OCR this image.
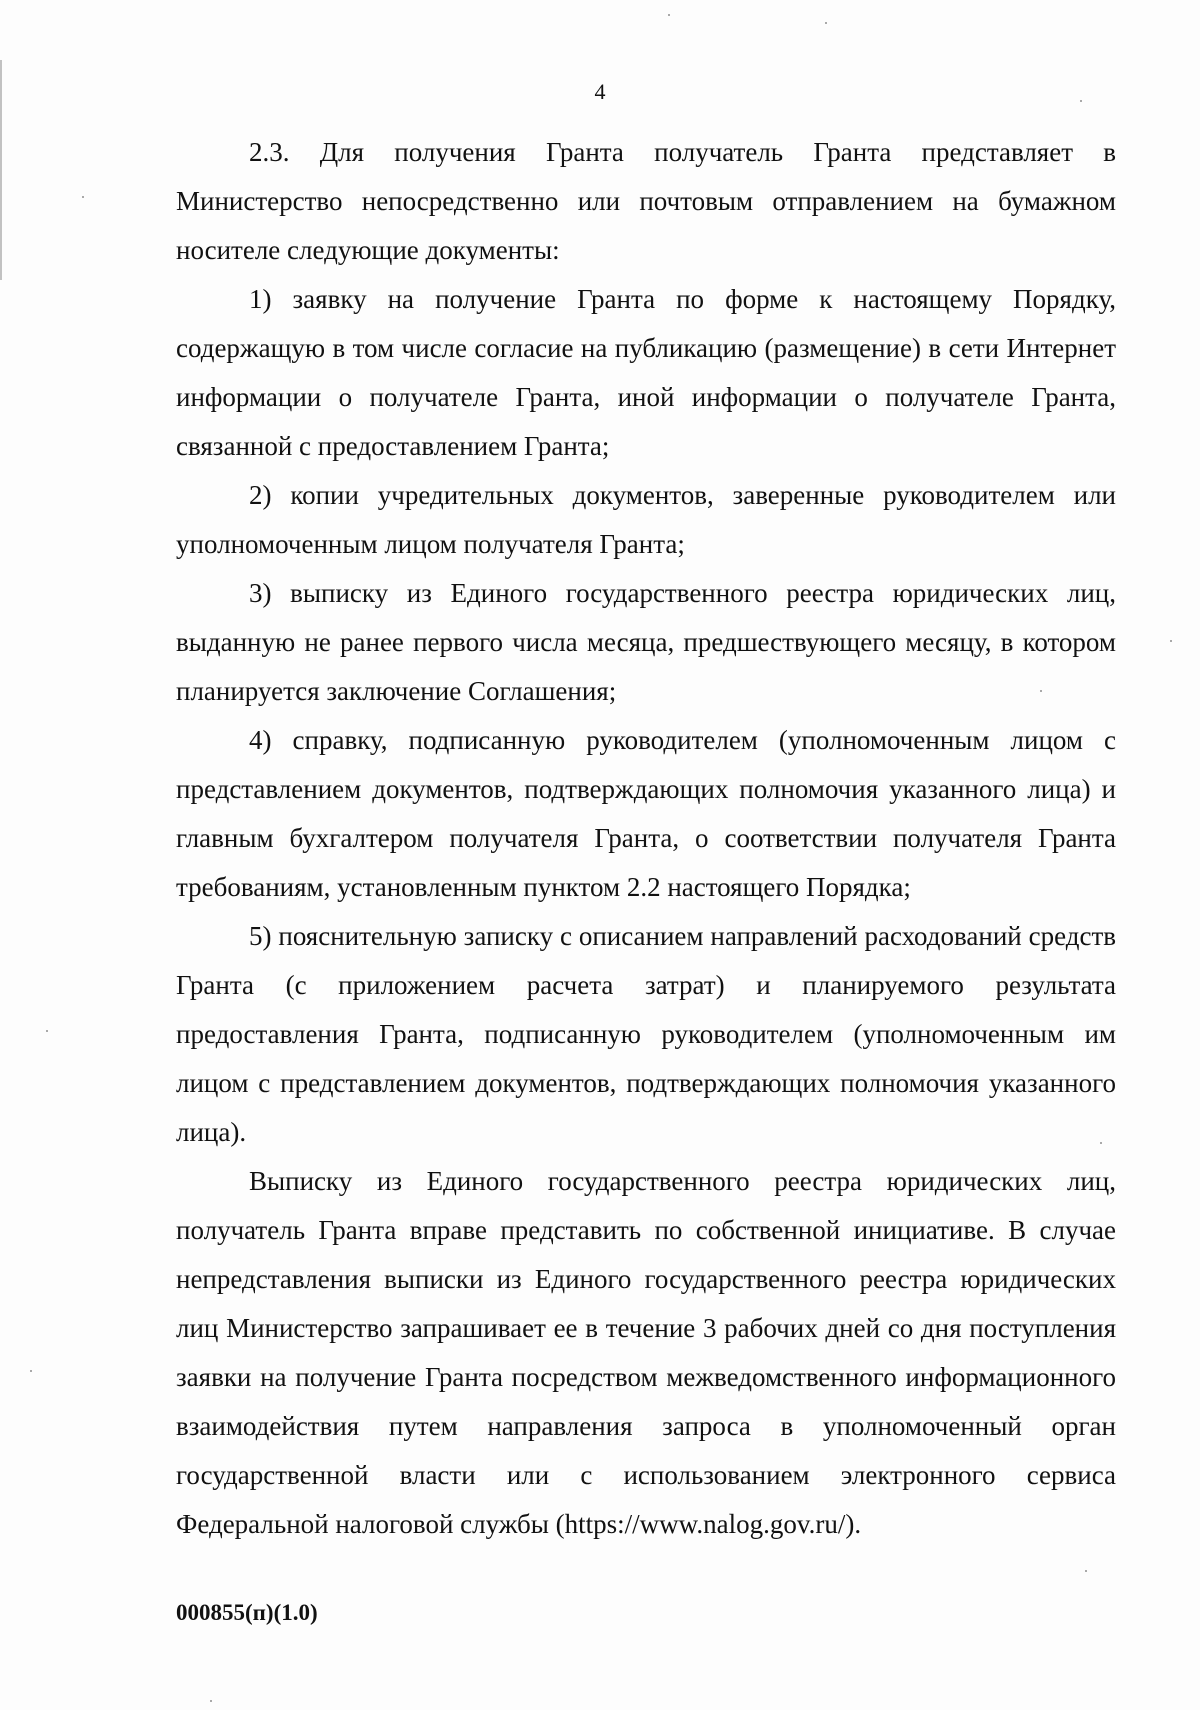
4

2.3. Для получения Гранта получатель Гранта представляет в Министерство непосредственно или почтовым отправлением на бумажном носителе следующие документы:

1) заявку на получение Гранта по форме к настоящему Порядку, содержащую в том числе согласие на публикацию (размещение) в сети Интернет информации о получателе Гранта, иной информации о получателе Гранта, связанной с предоставлением Гранта;

2) копии учредительных документов, заверенные руководителем или уполномоченным лицом получателя Гранта;

3) выписку из Единого государственного реестра юридических лиц, выданную не ранее первого числа месяца, предшествующего месяцу, в котором планируется заключение Соглашения;

4) справку, подписанную руководителем (уполномоченным лицом с представлением документов, подтверждающих полномочия указанного лица) и главным бухгалтером получателя Гранта, о соответствии получателя Гранта требованиям, установленным пунктом 2.2 настоящего Порядка;

5) пояснительную записку с описанием направлений расходований средств Гранта (с приложением расчета затрат) и планируемого результата предоставления Гранта, подписанную руководителем (уполномоченным им лицом с представлением документов, подтверждающих полномочия указанного лица).

Выписку из Единого государственного реестра юридических лиц, получатель Гранта вправе представить по собственной инициативе. В случае непредставления выписки из Единого государственного реестра юридических лиц Министерство запрашивает ее в течение 3 рабочих дней со дня поступления заявки на получение Гранта посредством межведомственного информационного взаимодействия путем направления запроса в уполномоченный орган государственной власти или с использованием электронного сервиса Федеральной налоговой службы (https://www.nalog.gov.ru/).

000855(п)(1.0)
